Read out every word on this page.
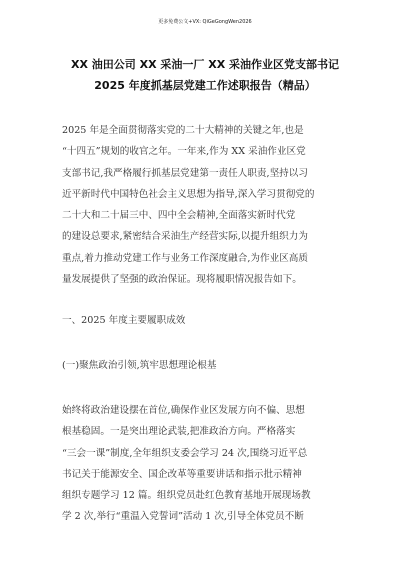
更多免费公文+VX: QiGeGongWen2026
XX 油田公司 XX 采油一厂 XX 采油作业区党支部书记
2025 年度抓基层党建工作述职报告（精品）
2025 年是全面贯彻落实党的二十大精神的关键之年,也是
“十四五”规划的收官之年。一年来,作为 XX 采油作业区党
支部书记,我严格履行抓基层党建第一责任人职责,坚持以习
近平新时代中国特色社会主义思想为指导,深入学习贯彻党的
二十大和二十届三中、四中全会精神,全面落实新时代党
的建设总要求,紧密结合采油生产经营实际,以提升组织力为
重点,着力推动党建工作与业务工作深度融合,为作业区高质
量发展提供了坚强的政治保证。现将履职情况报告如下。
一、2025 年度主要履职成效
(一)聚焦政治引领,筑牢思想理论根基
始终将政治建设摆在首位,确保作业区发展方向不偏、思想
根基稳固。一是突出理论武装,把准政治方向。严格落实
“三会一课”制度,全年组织支委会学习 24 次,围绕习近平总
书记关于能源安全、国企改革等重要讲话和指示批示精神
组织专题学习 12 篇。组织党员赴红色教育基地开展现场教
学 2 次,举行“重温入党誓词”活动 1 次,引导全体党员不断
